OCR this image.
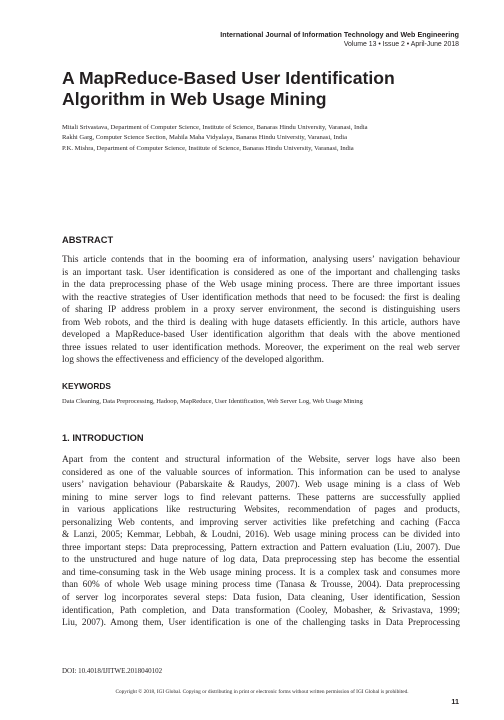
International Journal of Information Technology and Web Engineering
Volume 13 • Issue 2 • April-June 2018
A MapReduce-Based User Identification
Algorithm in Web Usage Mining
Mitali Srivastava, Department of Computer Science, Institute of Science, Banaras Hindu University, Varanasi, India
Rakhi Garg, Computer Science Section, Mahila Maha Vidyalaya, Banaras Hindu University, Varanasi, India
P.K. Mishra, Department of Computer Science, Institute of Science, Banaras Hindu University, Varanasi, India
ABSTRACT
This article contends that in the booming era of information, analysing users’ navigation behaviour
is an important task. User identification is considered as one of the important and challenging tasks
in the data preprocessing phase of the Web usage mining process. There are three important issues
with the reactive strategies of User identification methods that need to be focused: the first is dealing
of sharing IP address problem in a proxy server environment, the second is distinguishing users
from Web robots, and the third is dealing with huge datasets efficiently. In this article, authors have
developed a MapReduce-based User identification algorithm that deals with the above mentioned
three issues related to user identification methods. Moreover, the experiment on the real web server
log shows the effectiveness and efficiency of the developed algorithm.
KEYWORDS
Data Cleaning, Data Preprocessing, Hadoop, MapReduce, User Identification, Web Server Log, Web Usage Mining
1. INTRODUCTION
Apart from the content and structural information of the Website, server logs have also been
considered as one of the valuable sources of information. This information can be used to analyse
users’ navigation behaviour (Pabarskaite & Raudys, 2007). Web usage mining is a class of Web
mining to mine server logs to find relevant patterns. These patterns are successfully applied
in various applications like restructuring Websites, recommendation of pages and products,
personalizing Web contents, and improving server activities like prefetching and caching (Facca
& Lanzi, 2005; Kemmar, Lebbah, & Loudni, 2016). Web usage mining process can be divided into
three important steps: Data preprocessing, Pattern extraction and Pattern evaluation (Liu, 2007). Due
to the unstructured and huge nature of log data, Data preprocessing step has become the essential
and time-consuming task in the Web usage mining process. It is a complex task and consumes more
than 60% of whole Web usage mining process time (Tanasa & Trousse, 2004). Data preprocessing
of server log incorporates several steps: Data fusion, Data cleaning, User identification, Session
identification, Path completion, and Data transformation (Cooley, Mobasher, & Srivastava, 1999;
Liu, 2007). Among them, User identification is one of the challenging tasks in Data Preprocessing
DOI: 10.4018/IJITWE.2018040102
Copyright © 2018, IGI Global. Copying or distributing in print or electronic forms without written permission of IGI Global is prohibited.
11
